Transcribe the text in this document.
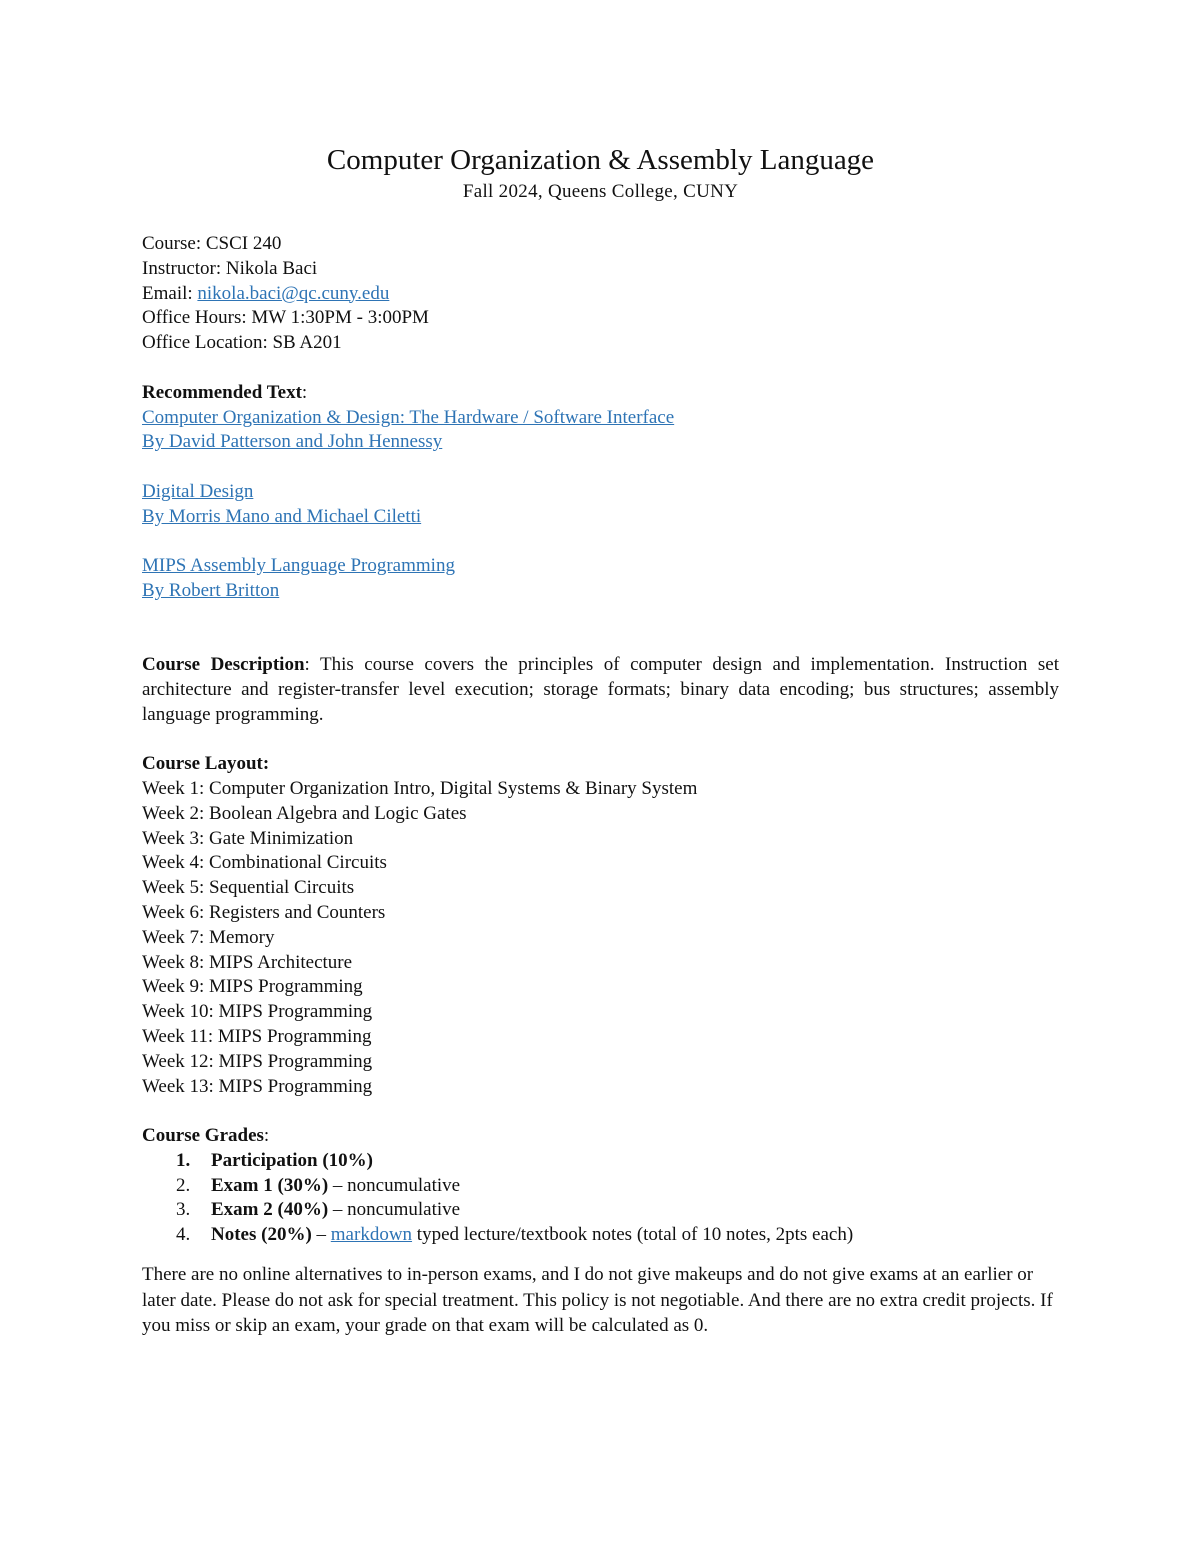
Computer Organization & Assembly Language

Fall 2024, Queens College, CUNY

Course: CSCI 240
Instructor: Nikola Baci
Email: nikola.baci@qc.cuny.edu
Office Hours: MW 1:30PM - 3:00PM
Office Location: SB A201
Recommended Text:
Computer Organization & Design: The Hardware / Software Interface
By David Patterson and John Hennessy
Digital Design
By Morris Mano and Michael Ciletti
MIPS Assembly Language Programming
By Robert Britton

Course Description: This course covers the principles of computer design and implementation. Instruction set architecture and register-transfer level execution; storage formats; binary data encoding; bus structures; assembly language programming.

Course Layout:
Week 1: Computer Organization Intro, Digital Systems & Binary System
Week 2: Boolean Algebra and Logic Gates
Week 3: Gate Minimization
Week 4: Combinational Circuits
Week 5: Sequential Circuits
Week 6: Registers and Counters
Week 7: Memory
Week 8: MIPS Architecture
Week 9: MIPS Programming
Week 10: MIPS Programming
Week 11: MIPS Programming
Week 12: MIPS Programming
Week 13: MIPS Programming
Course Grades:
1.	Participation (10%)
2.	Exam 1 (30%) – noncumulative
3.	Exam 2 (40%) – noncumulative
4.	Notes (20%) – markdown typed lecture/textbook notes (total of 10 notes, 2pts each)

There are no online alternatives to in-person exams, and I do not give makeups and do not give exams at an earlier or later date. Please do not ask for special treatment. This policy is not negotiable. And there are no extra credit projects. If you miss or skip an exam, your grade on that exam will be calculated as 0.
